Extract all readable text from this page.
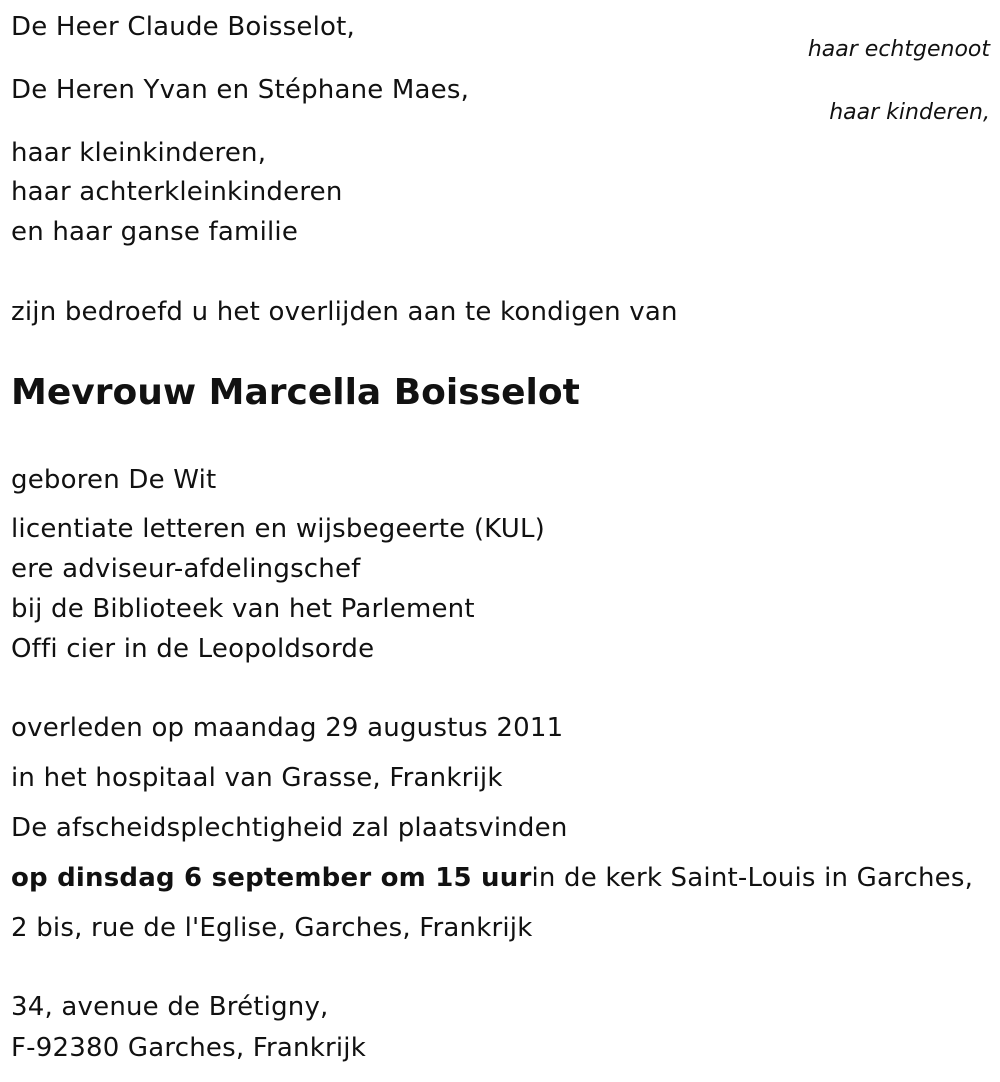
De Heer Claude Boisselot,
haar echtgenoot
De Heren Yvan en Stéphane Maes,
haar kinderen,
haar kleinkinderen,
haar achterkleinkinderen
en haar ganse familie
zijn bedroefd u het overlijden aan te kondigen van
Mevrouw Marcella Boisselot
geboren De Wit
licentiate letteren en wijsbegeerte (KUL)
ere adviseur-afdelingschef
bij de Biblioteek van het Parlement
Offi cier in de Leopoldsorde
overleden op maandag 29 augustus 2011
in het hospitaal van Grasse, Frankrijk
De afscheidsplechtigheid zal plaatsvinden
op dinsdag 6 september om 15 uurin de kerk Saint-Louis in Garches,
2 bis, rue de l'Eglise, Garches, Frankrijk
34, avenue de Brétigny,
F-92380 Garches, Frankrijk
